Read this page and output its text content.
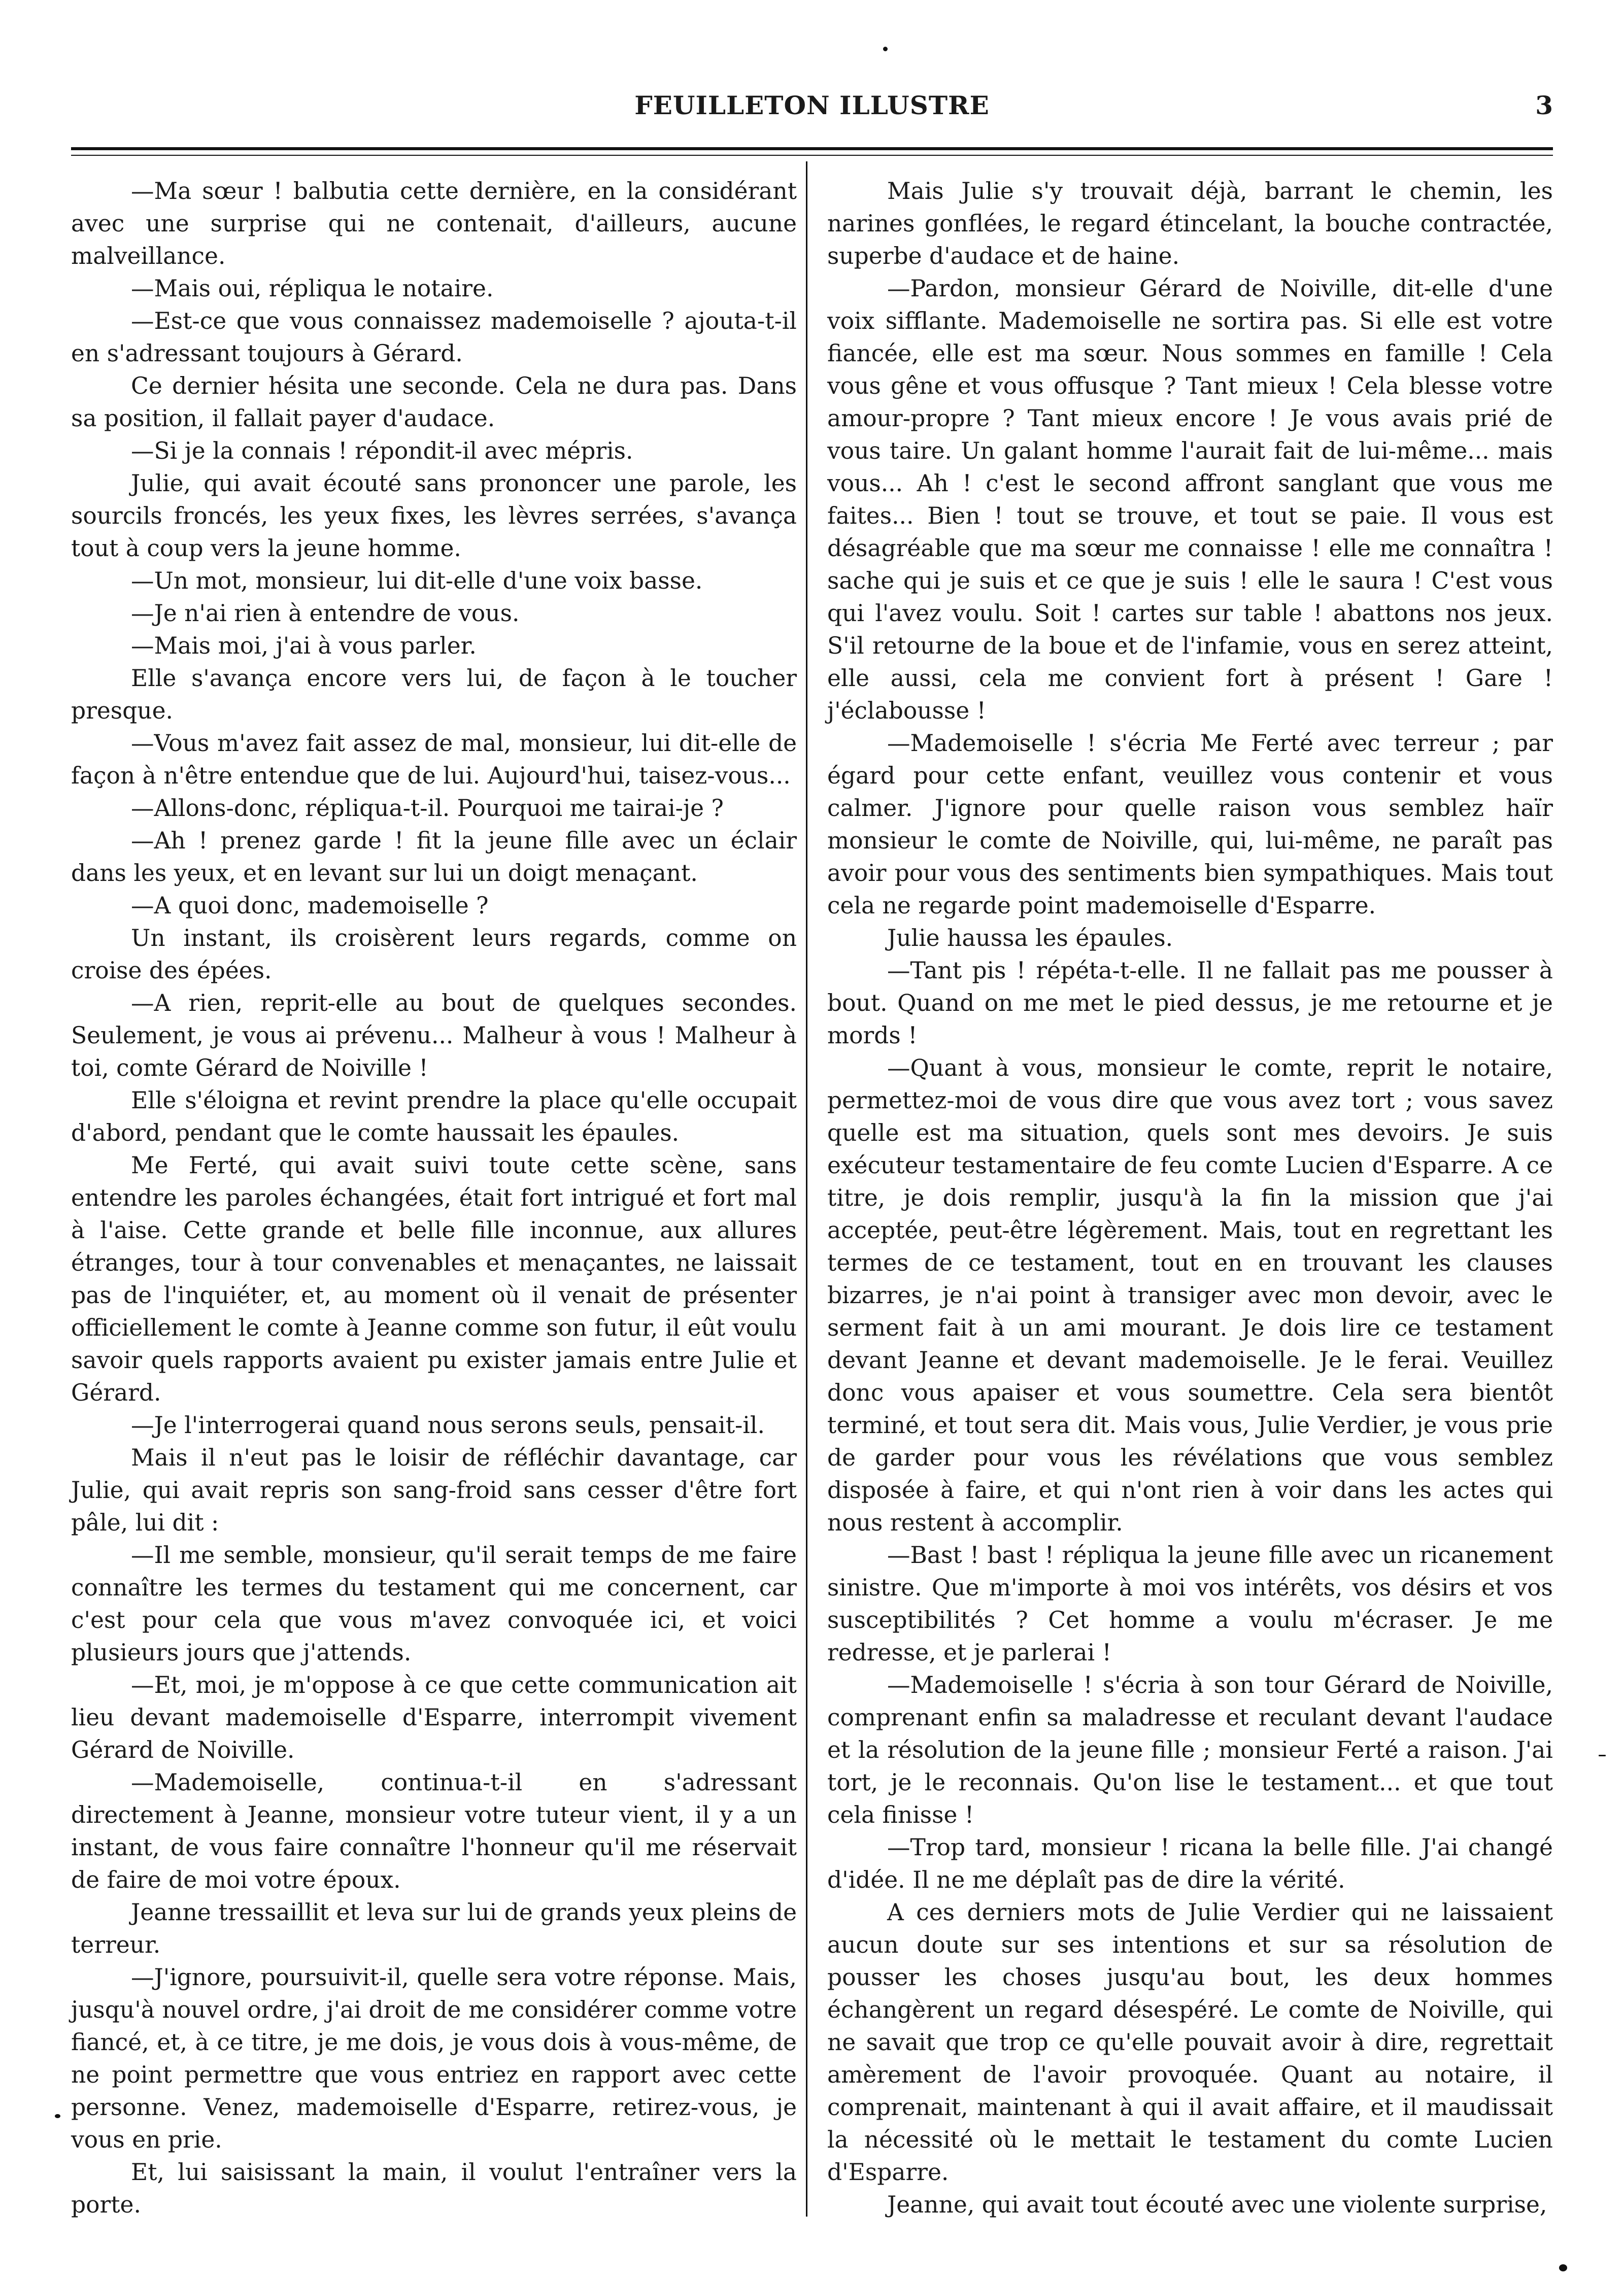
FEUILLETON ILLUSTRE	3

—Ma sœur ! balbutia cette dernière, en la considérant avec une surprise qui ne contenait, d'ailleurs, aucune malveillance.

—Mais oui, répliqua le notaire.

—Est-ce que vous connaissez mademoiselle ? ajouta-t-il en s'adressant toujours à Gérard.

Ce dernier hésita une seconde. Cela ne dura pas. Dans sa position, il fallait payer d'audace.

—Si je la connais ! répondit-il avec mépris.

Julie, qui avait écouté sans prononcer une parole, les sourcils froncés, les yeux fixes, les lèvres serrées, s'avança tout à coup vers la jeune homme.

—Un mot, monsieur, lui dit-elle d'une voix basse.

—Je n'ai rien à entendre de vous.

—Mais moi, j'ai à vous parler.

Elle s'avança encore vers lui, de façon à le toucher presque.

—Vous m'avez fait assez de mal, monsieur, lui dit-elle de façon à n'être entendue que de lui. Aujourd'hui, taisez-vous...

—Allons-donc, répliqua-t-il. Pourquoi me tairai-je ?

—Ah ! prenez garde ! fit la jeune fille avec un éclair dans les yeux, et en levant sur lui un doigt menaçant.

—A quoi donc, mademoiselle ?

Un instant, ils croisèrent leurs regards, comme on croise des épées.

—A rien, reprit-elle au bout de quelques secondes. Seulement, je vous ai prévenu... Malheur à vous ! Malheur à toi, comte Gérard de Noiville !

Elle s'éloigna et revint prendre la place qu'elle occupait d'abord, pendant que le comte haussait les épaules.

Me Ferté, qui avait suivi toute cette scène, sans entendre les paroles échangées, était fort intrigué et fort mal à l'aise. Cette grande et belle fille inconnue, aux allures étranges, tour à tour convenables et menaçantes, ne laissait pas de l'inquiéter, et, au moment où il venait de présenter officiellement le comte à Jeanne comme son futur, il eût voulu savoir quels rapports avaient pu exister jamais entre Julie et Gérard.

—Je l'interrogerai quand nous serons seuls, pensait-il.

Mais il n'eut pas le loisir de réfléchir davantage, car Julie, qui avait repris son sang-froid sans cesser d'être fort pâle, lui dit :

—Il me semble, monsieur, qu'il serait temps de me faire connaître les termes du testament qui me concernent, car c'est pour cela que vous m'avez convoquée ici, et voici plusieurs jours que j'attends.

—Et, moi, je m'oppose à ce que cette communication ait lieu devant mademoiselle d'Esparre, interrompit vivement Gérard de Noiville.

—Mademoiselle, continua-t-il en s'adressant directement à Jeanne, monsieur votre tuteur vient, il y a un instant, de vous faire connaître l'honneur qu'il me réservait de faire de moi votre époux.

Jeanne tressaillit et leva sur lui de grands yeux pleins de terreur.

—J'ignore, poursuivit-il, quelle sera votre réponse. Mais, jusqu'à nouvel ordre, j'ai droit de me considérer comme votre fiancé, et, à ce titre, je me dois, je vous dois à vous-même, de ne point permettre que vous entriez en rapport avec cette personne. Venez, mademoiselle d'Esparre, retirez-vous, je vous en prie.

Et, lui saisissant la main, il voulut l'entraîner vers la porte.

Mais Julie s'y trouvait déjà, barrant le chemin, les narines gonflées, le regard étincelant, la bouche contractée, superbe d'audace et de haine.

—Pardon, monsieur Gérard de Noiville, dit-elle d'une voix sifflante. Mademoiselle ne sortira pas. Si elle est votre fiancée, elle est ma sœur. Nous sommes en famille ! Cela vous gêne et vous offusque ? Tant mieux ! Cela blesse votre amour-propre ? Tant mieux encore ! Je vous avais prié de vous taire. Un galant homme l'aurait fait de lui-même... mais vous... Ah ! c'est le second affront sanglant que vous me faites... Bien ! tout se trouve, et tout se paie. Il vous est désagréable que ma sœur me connaisse ! elle me connaîtra ! sache qui je suis et ce que je suis ! elle le saura ! C'est vous qui l'avez voulu. Soit ! cartes sur table ! abattons nos jeux. S'il retourne de la boue et de l'infamie, vous en serez atteint, elle aussi, cela me convient fort à présent ! Gare ! j'éclabousse !

—Mademoiselle ! s'écria Me Ferté avec terreur ; par égard pour cette enfant, veuillez vous contenir et vous calmer. J'ignore pour quelle raison vous semblez haïr monsieur le comte de Noiville, qui, lui-même, ne paraît pas avoir pour vous des sentiments bien sympathiques. Mais tout cela ne regarde point mademoiselle d'Esparre.

Julie haussa les épaules.

—Tant pis ! répéta-t-elle. Il ne fallait pas me pousser à bout. Quand on me met le pied dessus, je me retourne et je mords !

—Quant à vous, monsieur le comte, reprit le notaire, permettez-moi de vous dire que vous avez tort ; vous savez quelle est ma situation, quels sont mes devoirs. Je suis exécuteur testamentaire de feu comte Lucien d'Esparre. A ce titre, je dois remplir, jusqu'à la fin la mission que j'ai acceptée, peut-être légèrement. Mais, tout en regrettant les termes de ce testament, tout en en trouvant les clauses bizarres, je n'ai point à transiger avec mon devoir, avec le serment fait à un ami mourant. Je dois lire ce testament devant Jeanne et devant mademoiselle. Je le ferai. Veuillez donc vous apaiser et vous soumettre. Cela sera bientôt terminé, et tout sera dit. Mais vous, Julie Verdier, je vous prie de garder pour vous les révélations que vous semblez disposée à faire, et qui n'ont rien à voir dans les actes qui nous restent à accomplir.

—Bast ! bast ! répliqua la jeune fille avec un ricanement sinistre. Que m'importe à moi vos intérêts, vos désirs et vos susceptibilités ? Cet homme a voulu m'écraser. Je me redresse, et je parlerai !

—Mademoiselle ! s'écria à son tour Gérard de Noiville, comprenant enfin sa maladresse et reculant devant l'audace et la résolution de la jeune fille ; monsieur Ferté a raison. J'ai tort, je le reconnais. Qu'on lise le testament... et que tout cela finisse !

—Trop tard, monsieur ! ricana la belle fille. J'ai changé d'idée. Il ne me déplaît pas de dire la vérité.

A ces derniers mots de Julie Verdier qui ne laissaient aucun doute sur ses intentions et sur sa résolution de pousser les choses jusqu'au bout, les deux hommes échangèrent un regard désespéré. Le comte de Noiville, qui ne savait que trop ce qu'elle pouvait avoir à dire, regrettait amèrement de l'avoir provoquée. Quant au notaire, il comprenait, maintenant à qui il avait affaire, et il maudissait la nécessité où le mettait le testament du comte Lucien d'Esparre.

Jeanne, qui avait tout écouté avec une violente surprise,
